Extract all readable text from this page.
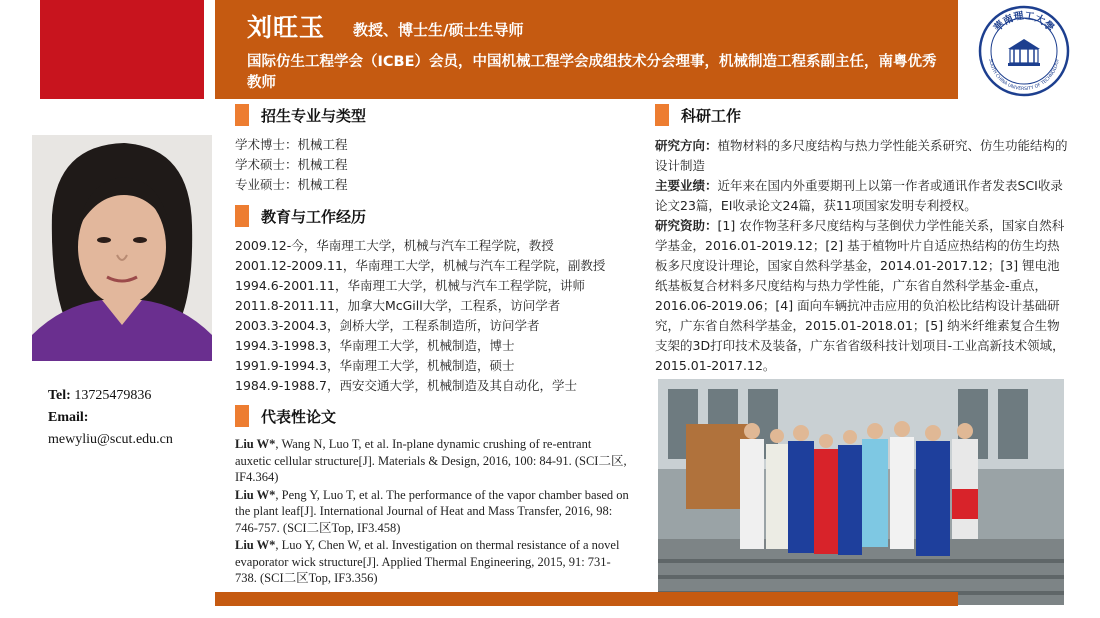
刘旺玉 教授、博士生/硕士生导师
国际仿生工程学会（ICBE）会员，中国机械工程学会成组技术分会理事，机械制造工程系副主任，南粤优秀教师
華南理工大學
SOUTH CHINA UNIVERSITY OF TECHNOLOGY
Tel: 13725479836
Email:
mewyliu@scut.edu.cn
招生专业与类型
学术博士：机械工程
学术硕士：机械工程
专业硕士：机械工程
教育与工作经历
2009.12-今，华南理工大学，机械与汽车工程学院，教授
2001.12-2009.11，华南理工大学，机械与汽车工程学院，副教授
1994.6-2001.11，华南理工大学，机械与汽车工程学院，讲师
2011.8-2011.11，加拿大McGill大学，工程系，访问学者
2003.3-2004.3，剑桥大学，工程系制造所，访问学者
1994.3-1998.3，华南理工大学，机械制造，博士
1991.9-1994.3，华南理工大学，机械制造，硕士
1984.9-1988.7，西安交通大学，机械制造及其自动化，学士
代表性论文

Liu W*, Wang N, Luo T, et al. In-plane dynamic crushing of re-entrant auxetic cellular structure[J]. Materials & Design, 2016, 100: 84-91. (SCI二区, IF4.364)

Liu W*, Peng Y, Luo T, et al. The performance of the vapor chamber based on the plant leaf[J]. International Journal of Heat and Mass Transfer, 2016, 98: 746-757. (SCI二区Top, IF3.458)

Liu W*, Luo Y, Chen W, et al. Investigation on thermal resistance of a novel evaporator wick structure[J]. Applied Thermal Engineering, 2015, 91: 731-738. (SCI二区Top, IF3.356)

科研工作

研究方向：植物材料的多尺度结构与热力学性能关系研究、仿生功能结构的设计制造

主要业绩：近年来在国内外重要期刊上以第一作者或通讯作者发表SCI收录论文23篇，EI收录论文24篇，获11项国家发明专利授权。

研究资助：[1] 农作物茎秆多尺度结构与茎倒伏力学性能关系，国家自然科学基金，2016.01-2019.12；[2] 基于植物叶片自适应热结构的仿生均热板多尺度设计理论，国家自然科学基金，2014.01-2017.12；[3] 锂电池纸基板复合材料多尺度结构与热力学性能，广东省自然科学基金-重点，2016.06-2019.06；[4] 面向车辆抗冲击应用的负泊松比结构设计基础研究，广东省自然科学基金，2015.01-2018.01；[5] 纳米纤维素复合生物支架的3D打印技术及装备，广东省省级科技计划项目-工业高新技术领域，2015.01-2017.12。
